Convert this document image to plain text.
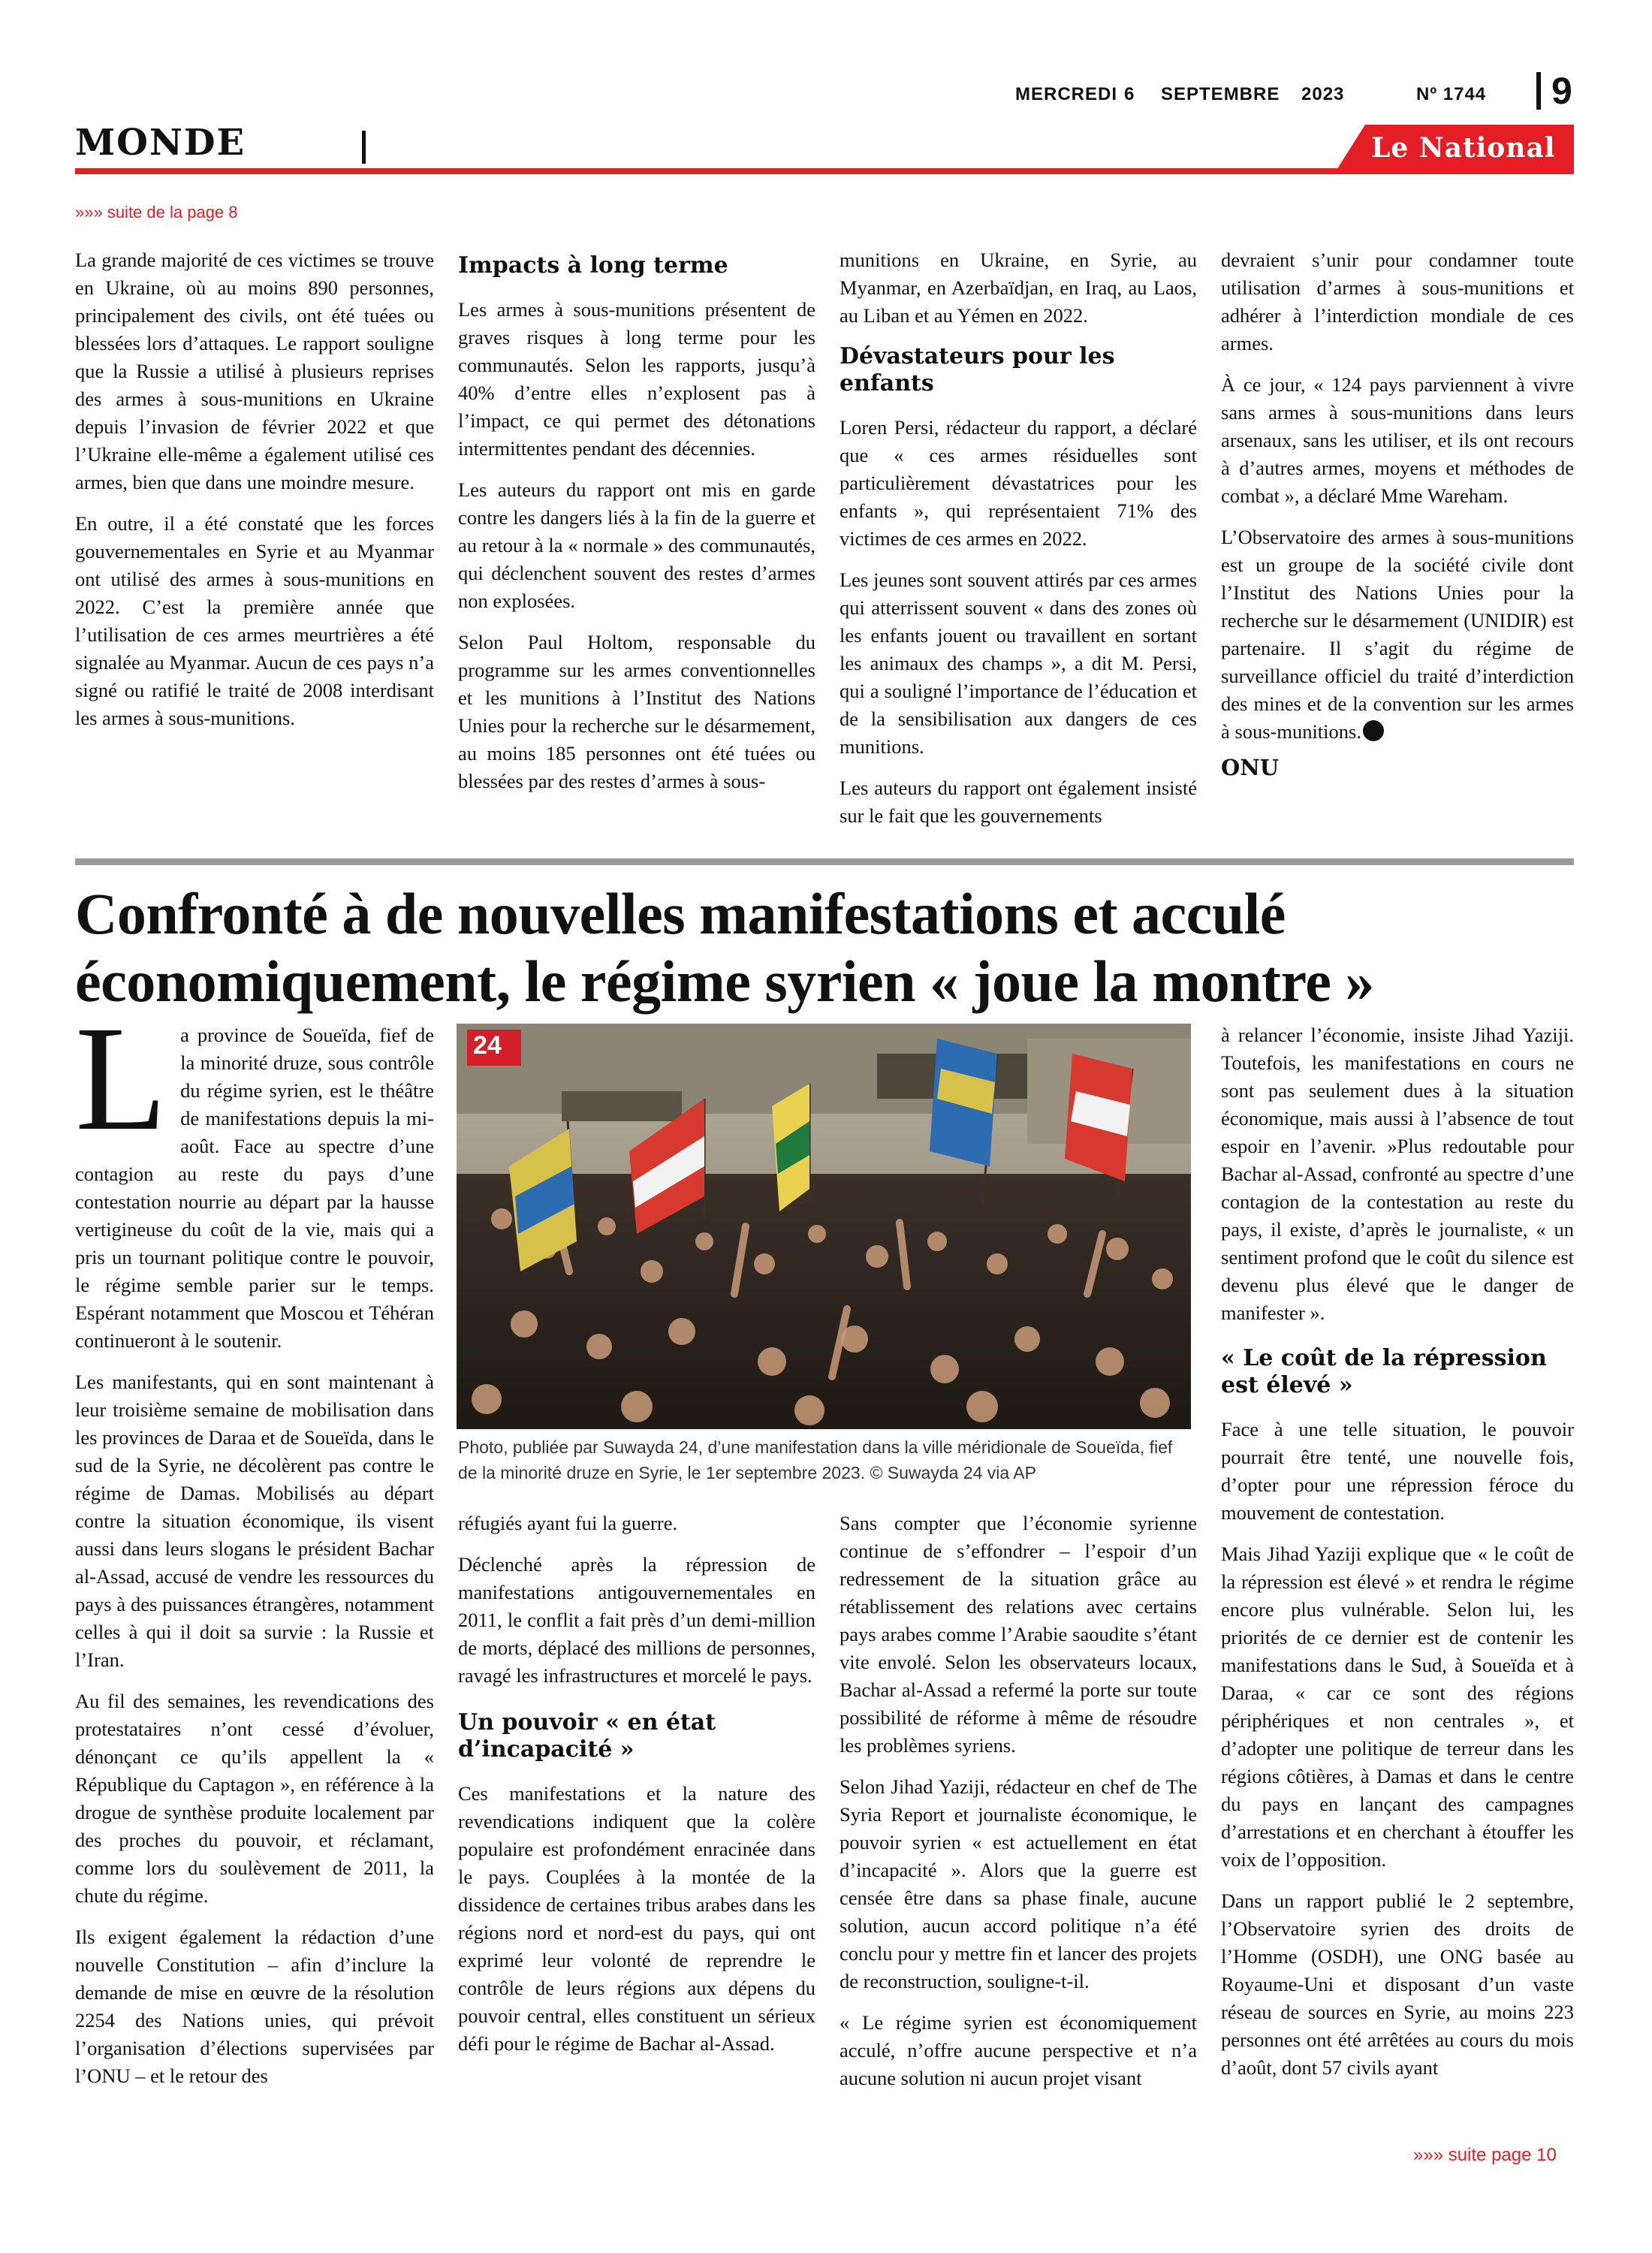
MERCREDI 6 SEPTEMBRE 2023	Nº 1744 9
MONDE	Le National
»»» suite de la page 8

La grande majorité de ces victimes se trouve en Ukraine, où au moins 890 personnes, principalement des civils, ont été tuées ou blessées lors d’attaques. Le rapport souligne que la Russie a utilisé à plusieurs reprises des armes à sous-munitions en Ukraine depuis l’invasion de février 2022 et que l’Ukraine elle-même a également utilisé ces armes, bien que dans une moindre mesure.

En outre, il a été constaté que les forces gouvernementales en Syrie et au Myanmar ont utilisé des armes à sous-munitions en 2022. C’est la première année que l’utilisation de ces armes meurtrières a été signalée au Myanmar. Aucun de ces pays n’a signé ou ratifié le traité de 2008 interdisant les armes à sous-munitions.

Impacts à long terme

Les armes à sous-munitions présentent de graves risques à long terme pour les communautés. Selon les rapports, jusqu’à 40% d’entre elles n’explosent pas à l’impact, ce qui permet des détonations intermittentes pendant des décennies.

Les auteurs du rapport ont mis en garde contre les dangers liés à la fin de la guerre et au retour à la « normale » des communautés, qui déclenchent souvent des restes d’armes non explosées.

Selon Paul Holtom, responsable du programme sur les armes conventionnelles et les munitions à l’Institut des Nations Unies pour la recherche sur le désarmement, au moins 185 personnes ont été tuées ou blessées par des restes d’armes à sous-

munitions en Ukraine, en Syrie, au Myanmar, en Azerbaïdjan, en Iraq, au Laos, au Liban et au Yémen en 2022.

Dévastateurs pour les enfants

Loren Persi, rédacteur du rapport, a déclaré que « ces armes résiduelles sont particulièrement dévastatrices pour les enfants », qui représentaient 71% des victimes de ces armes en 2022.

Les jeunes sont souvent attirés par ces armes qui atterrissent souvent « dans des zones où les enfants jouent ou travaillent en sortant les animaux des champs », a dit M. Persi, qui a souligné l’importance de l’éducation et de la sensibilisation aux dangers de ces munitions.

Les auteurs du rapport ont également insisté sur le fait que les gouvernements

devraient s’unir pour condamner toute utilisation d’armes à sous-munitions et adhérer à l’interdiction mondiale de ces armes.

À ce jour, « 124 pays parviennent à vivre sans armes à sous-munitions dans leurs arsenaux, sans les utiliser, et ils ont recours à d’autres armes, moyens et méthodes de combat », a déclaré Mme Wareham.

L’Observatoire des armes à sous-munitions est un groupe de la société civile dont l’Institut des Nations Unies pour la recherche sur le désarmement (UNIDIR) est partenaire. Il s’agit du régime de surveillance officiel du traité d’interdiction des mines et de la convention sur les armes à sous-munitions.

ONU
Confronté à de nouvelles manifestations et acculé économiquement, le régime syrien « joue la montre »

La province de Soueïda, fief de la minorité druze, sous contrôle du régime syrien, est le théâtre de manifestations depuis la mi-août. Face au spectre d’une contagion au reste du pays d’une contestation nourrie au départ par la hausse vertigineuse du coût de la vie, mais qui a pris un tournant politique contre le pouvoir, le régime semble parier sur le temps. Espérant notamment que Moscou et Téhéran continueront à le soutenir.

Les manifestants, qui en sont maintenant à leur troisième semaine de mobilisation dans les provinces de Daraa et de Soueïda, dans le sud de la Syrie, ne décolèrent pas contre le régime de Damas. Mobilisés au départ contre la situation économique, ils visent aussi dans leurs slogans le président Bachar al-Assad, accusé de vendre les ressources du pays à des puissances étrangères, notamment celles à qui il doit sa survie : la Russie et l’Iran.

Au fil des semaines, les revendications des protestataires n’ont cessé d’évoluer, dénonçant ce qu’ils appellent la « République du Captagon », en référence à la drogue de synthèse produite localement par des proches du pouvoir, et réclamant, comme lors du soulèvement de 2011, la chute du régime.

Ils exigent également la rédaction d’une nouvelle Constitution – afin d’inclure la demande de mise en œuvre de la résolution 2254 des Nations unies, qui prévoit l’organisation d’élections supervisées par l’ONU – et le retour des

24
Photo, publiée par Suwayda 24, d’une manifestation dans la ville méridionale de Soueïda, fief de la minorité druze en Syrie, le 1er septembre 2023. © Suwayda 24 via AP

réfugiés ayant fui la guerre.

Déclenché après la répression de manifestations antigouvernementales en 2011, le conflit a fait près d’un demi-million de morts, déplacé des millions de personnes, ravagé les infrastructures et morcelé le pays.

Un pouvoir « en état d’incapacité »

Ces manifestations et la nature des revendications indiquent que la colère populaire est profondément enracinée dans le pays. Couplées à la montée de la dissidence de certaines tribus arabes dans les régions nord et nord-est du pays, qui ont exprimé leur volonté de reprendre le contrôle de leurs régions aux dépens du pouvoir central, elles constituent un sérieux défi pour le régime de Bachar al-Assad.

Sans compter que l’économie syrienne continue de s’effondrer – l’espoir d’un redressement de la situation grâce au rétablissement des relations avec certains pays arabes comme l’Arabie saoudite s’étant vite envolé. Selon les observateurs locaux, Bachar al-Assad a refermé la porte sur toute possibilité de réforme à même de résoudre les problèmes syriens.

Selon Jihad Yaziji, rédacteur en chef de The Syria Report et journaliste économique, le pouvoir syrien « est actuellement en état d’incapacité ». Alors que la guerre est censée être dans sa phase finale, aucune solution, aucun accord politique n’a été conclu pour y mettre fin et lancer des projets de reconstruction, souligne-t-il.

« Le régime syrien est économiquement acculé, n’offre aucune perspective et n’a aucune solution ni aucun projet visant

à relancer l’économie, insiste Jihad Yaziji. Toutefois, les manifestations en cours ne sont pas seulement dues à la situation économique, mais aussi à l’absence de tout espoir en l’avenir. »Plus redoutable pour Bachar al-Assad, confronté au spectre d’une contagion de la contestation au reste du pays, il existe, d’après le journaliste, « un sentiment profond que le coût du silence est devenu plus élevé que le danger de manifester ».

« Le coût de la répression est élevé »

Face à une telle situation, le pouvoir pourrait être tenté, une nouvelle fois, d’opter pour une répression féroce du mouvement de contestation.

Mais Jihad Yaziji explique que « le coût de la répression est élevé » et rendra le régime encore plus vulnérable. Selon lui, les priorités de ce dernier est de contenir les manifestations dans le Sud, à Soueïda et à Daraa, « car ce sont des régions périphériques et non centrales », et d’adopter une politique de terreur dans les régions côtières, à Damas et dans le centre du pays en lançant des campagnes d’arrestations et en cherchant à étouffer les voix de l’opposition.

Dans un rapport publié le 2 septembre, l’Observatoire syrien des droits de l’Homme (OSDH), une ONG basée au Royaume-Uni et disposant d’un vaste réseau de sources en Syrie, au moins 223 personnes ont été arrêtées au cours du mois d’août, dont 57 civils ayant

»»» suite page 10
